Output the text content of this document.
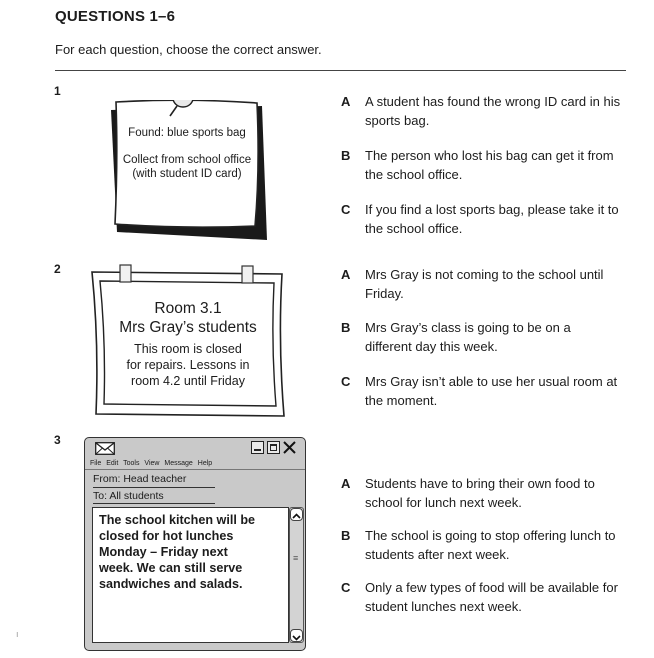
QUESTIONS 1–6
For each question, choose the correct answer.
1
Found: blue sports bag
Collect from school office
(with student ID card)
A A student has found the wrong ID card in his sports bag.
B The person who lost his bag can get it from the school office.
C If you find a lost sports bag, please take it to the school office.
2
Room 3.1
Mrs Gray’s students
This room is closed
for repairs. Lessons in
room 4.2 until Friday
A Mrs Gray is not coming to the school until Friday.
B Mrs Gray’s class is going to be on a different day this week.
C Mrs Gray isn’t able to use her usual room at the moment.
3
File Edit Tools View Message Help
From: Head teacher
To: All students
The school kitchen will be
closed for hot lunches
Monday – Friday next
week. We can still serve
sandwiches and salads.
≡
A Students have to bring their own food to school for lunch next week.
B The school is going to stop offering lunch to students after next week.
C Only a few types of food will be available for student lunches next week.
ı
